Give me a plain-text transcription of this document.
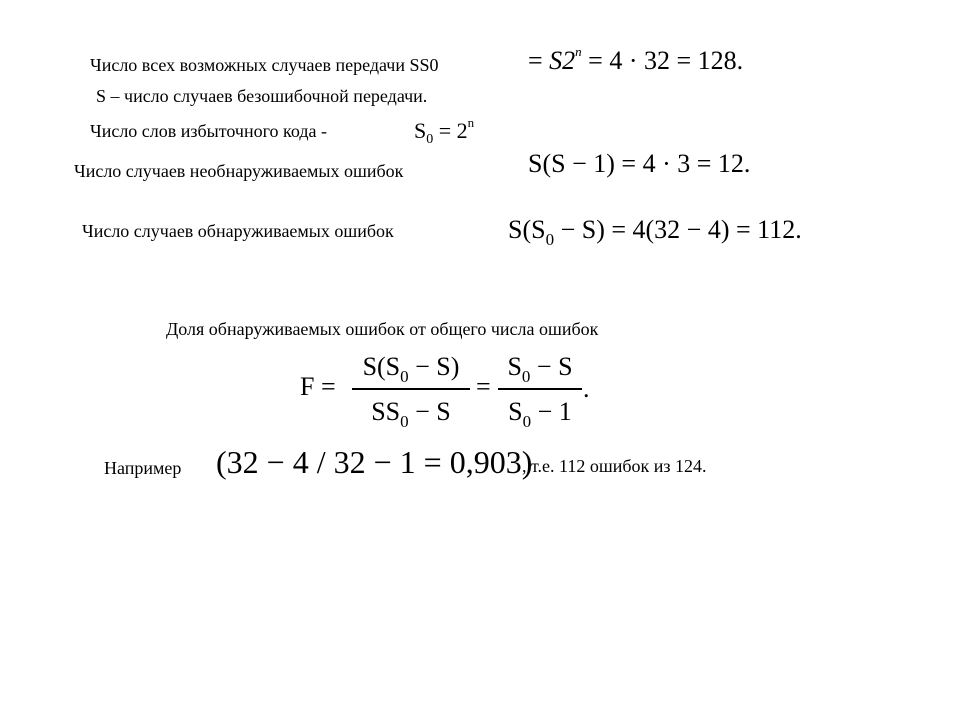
Число всех возможных случаев передачи SS0	= $S2^n = 4 \cdot 32 = 128$.
S – число случаев безошибочной передачи.
Число слов избыточного кода -	$S_0 = 2^n$
Число случаев необнаруживаемых ошибок	S(S − 1) = 4 · 3 = 12.
Число случаев обнаруживаемых ошибок	$S(S_0 - S) = 4(32 - 4) = 112$.
Доля обнаруживаемых ошибок от общего числа ошибок
F =
$S(S_0 - S)$
$SS_0 - S$
=
$S_0 - S$
$S_0 - 1$
.
Например (32 − 4 / 32 − 1 = 0,903)
, т.е. 112 ошибок из 124.
